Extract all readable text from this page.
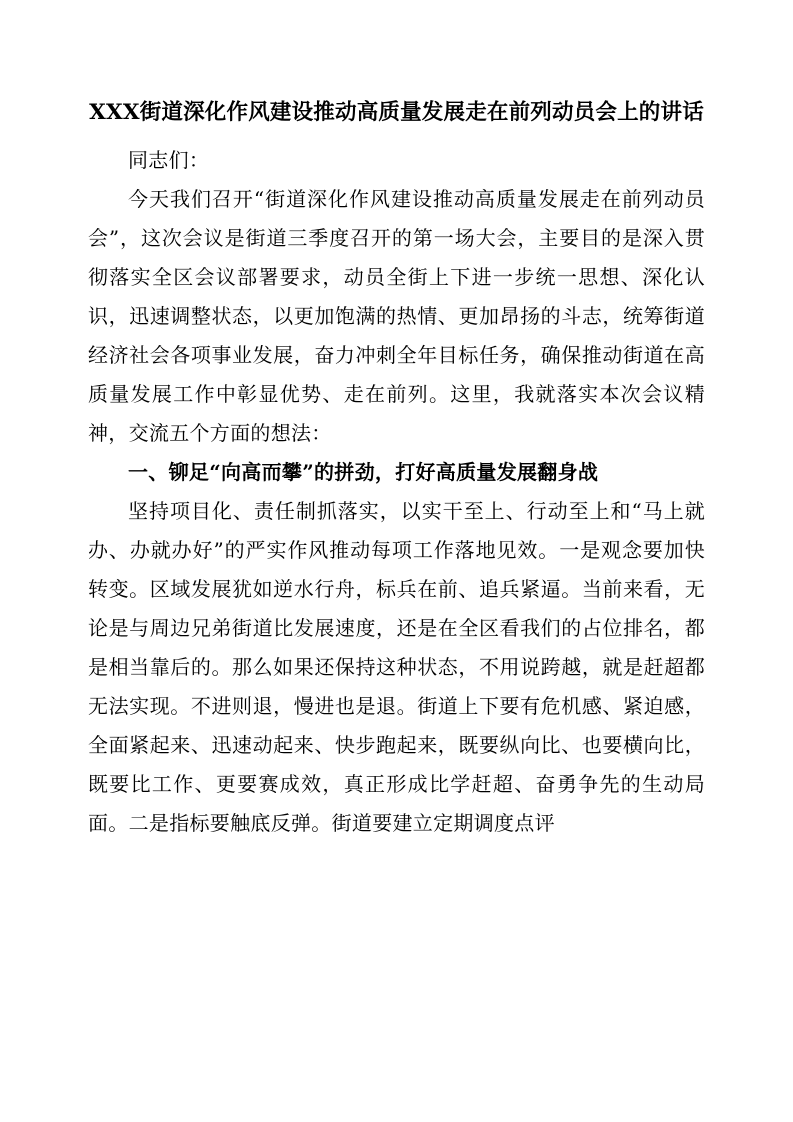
XXX街道深化作风建设推动高质量发展走在前列动员会上的讲话

同志们：

今天我们召开“街道深化作风建设推动高质量发展走在前列动员会”，这次会议是街道三季度召开的第一场大会，主要目的是深入贯彻落实全区会议部署要求，动员全街上下进一步统一思想、深化认识，迅速调整状态，以更加饱满的热情、更加昂扬的斗志，统筹街道经济社会各项事业发展，奋力冲刺全年目标任务，确保推动街道在高质量发展工作中彰显优势、走在前列。这里，我就落实本次会议精神，交流五个方面的想法：

一、铆足“向高而攀”的拼劲，打好高质量发展翻身战

坚持项目化、责任制抓落实，以实干至上、行动至上和“马上就办、办就办好”的严实作风推动每项工作落地见效。一是观念要加快转变。区域发展犹如逆水行舟，标兵在前、追兵紧逼。当前来看，无论是与周边兄弟街道比发展速度，还是在全区看我们的占位排名，都是相当靠后的。那么如果还保持这种状态，不用说跨越，就是赶超都无法实现。不进则退，慢进也是退。街道上下要有危机感、紧迫感，全面紧起来、迅速动起来、快步跑起来，既要纵向比、也要横向比，既要比工作、更要赛成效，真正形成比学赶超、奋勇争先的生动局面。二是指标要触底反弹。街道要建立定期调度点评
